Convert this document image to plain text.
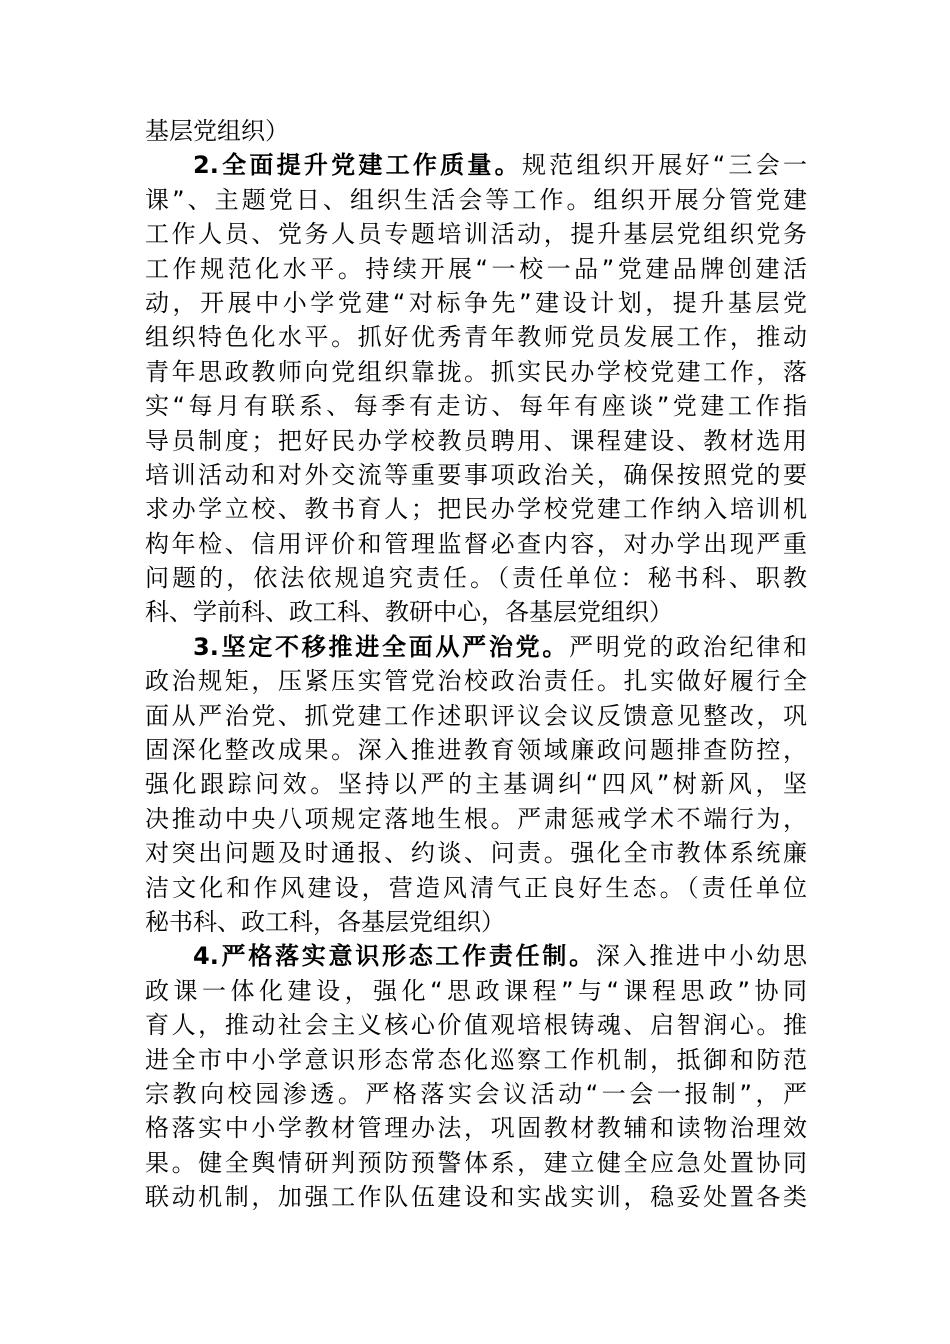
基层党组织）
2.全面提升党建工作质量。规范组织开展好“三会一
课”、主题党日、组织生活会等工作。组织开展分管党建
工作人员、党务人员专题培训活动，提升基层党组织党务
工作规范化水平。持续开展“一校一品”党建品牌创建活
动，开展中小学党建“对标争先”建设计划，提升基层党
组织特色化水平。抓好优秀青年教师党员发展工作，推动
青年思政教师向党组织靠拢。抓实民办学校党建工作，落
实“每月有联系、每季有走访、每年有座谈”党建工作指
导员制度；把好民办学校教员聘用、课程建设、教材选用
培训活动和对外交流等重要事项政治关，确保按照党的要
求办学立校、教书育人；把民办学校党建工作纳入培训机
构年检、信用评价和管理监督必查内容，对办学出现严重
问题的，依法依规追究责任。（责任单位：秘书科、职教
科、学前科、政工科、教研中心，各基层党组织）
3.坚定不移推进全面从严治党。严明党的政治纪律和
政治规矩，压紧压实管党治校政治责任。扎实做好履行全
面从严治党、抓党建工作述职评议会议反馈意见整改，巩
固深化整改成果。深入推进教育领域廉政问题排查防控，
强化跟踪问效。坚持以严的主基调纠“四风”树新风，坚
决推动中央八项规定落地生根。严肃惩戒学术不端行为，
对突出问题及时通报、约谈、问责。强化全市教体系统廉
洁文化和作风建设，营造风清气正良好生态。（责任单位
秘书科、政工科，各基层党组织）
4.严格落实意识形态工作责任制。深入推进中小幼思
政课一体化建设，强化“思政课程”与“课程思政”协同
育人，推动社会主义核心价值观培根铸魂、启智润心。推
进全市中小学意识形态常态化巡察工作机制，抵御和防范
宗教向校园渗透。严格落实会议活动“一会一报制”，严
格落实中小学教材管理办法，巩固教材教辅和读物治理效
果。健全舆情研判预防预警体系，建立健全应急处置协同
联动机制，加强工作队伍建设和实战实训，稳妥处置各类
